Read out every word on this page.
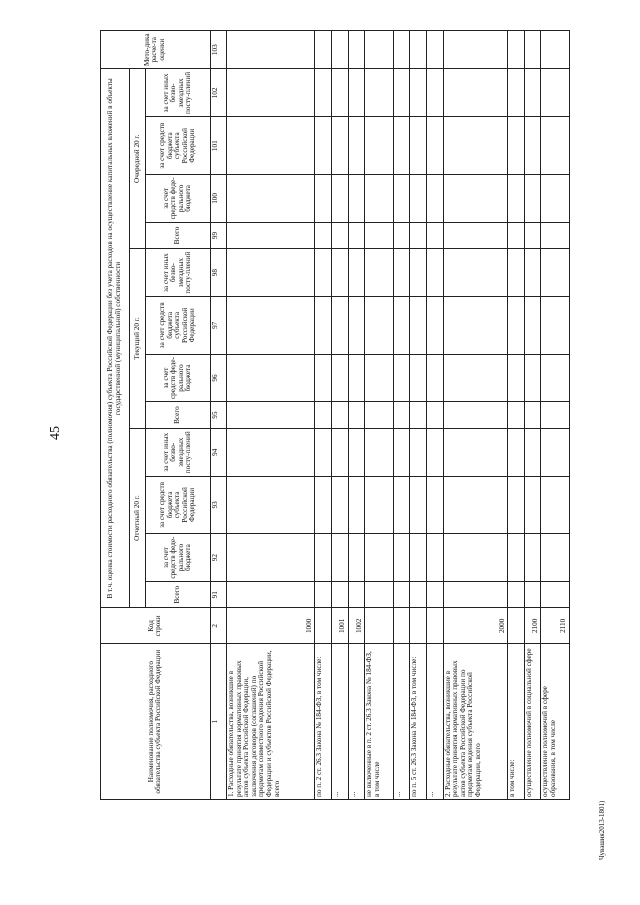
45
Чувашия2013-1801)
Наименование полномочия, расходного обязательства субъекта Российской Федерации	Код строки	В т.ч. оценка стоимости расходного обязательства (полномочия) субъекта Российской Федерации без учета расходов на осуществление капитальных вложений в объекты государственной (муниципальной) собственности												Мето-дика расче-та оценки
		Отчетный 20 г.				Текущий 20 г.				Очередной 20 г.				
		Всего	за счет средств феде-рального бюджета	за счет средств бюджета субъекта Российской Федерации	за счет иных безво-змездных посту-плений	Всего	за счет средств феде-рального бюджета	за счет средств бюджета субъекта Российской Федерации	за счет иных безво-змездных посту-плений	Всего	за счет средств феде-рального бюджета	за счет средств бюджета субъекта Российской Федерации	за счет иных безво-змездных посту-плений	
1	2	91	92	93	94	95	96	97	98	99	100	101	102	103
1. Расходные обязательства, возникшие в результате принятия нормативных правовых актов субъекта Российской Федерации, заключения договоров (соглашений) по предметам совместного ведения Российской Федерации и субъектов Российской Федерации, всего	1000													
по п. 2 ст. 26.3 Закона № 184-ФЗ, в том числе:														
...	1001													
...	1002													
не включенные в п. 2 ст. 26.3 Закона № 184-ФЗ, в том числе														
...														
по п. 5 ст. 26.3 Закона № 184-ФЗ, в том числе:														
...														
2. Расходные обязательства, возникшие в результате принятия нормативных правовых актов субъекта Российской Федерации по предметам ведения субъекта Российской Федерации, всего	2000													
в том числе:														
осуществление полномочий в социальной сфере	2100													
осуществление полномочий в сфере образования, в том числе	2110													
